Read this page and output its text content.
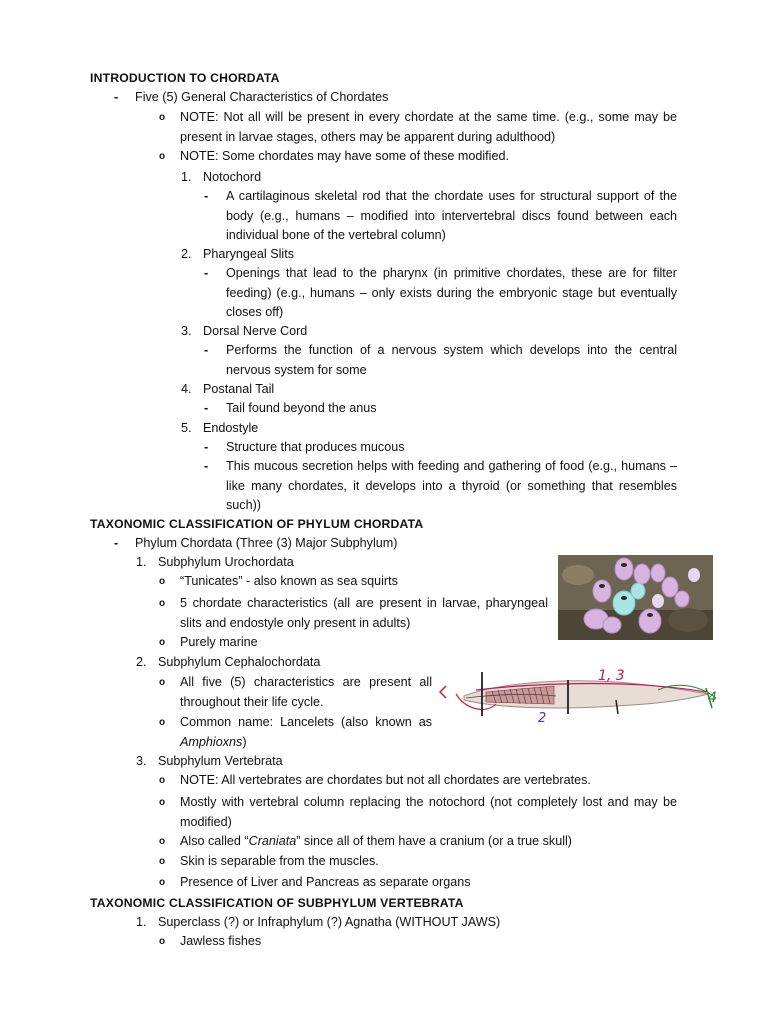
INTRODUCTION TO CHORDATA
- Five (5) General Characteristics of Chordates
o NOTE: Not all will be present in every chordate at the same time. (e.g., some may be present in larvae stages, others may be apparent during adulthood)
o NOTE: Some chordates may have some of these modified.
1. Notochord
- A cartilaginous skeletal rod that the chordate uses for structural support of the body (e.g., humans – modified into intervertebral discs found between each individual bone of the vertebral column)
2. Pharyngeal Slits
- Openings that lead to the pharynx (in primitive chordates, these are for filter feeding) (e.g., humans – only exists during the embryonic stage but eventually closes off)
3. Dorsal Nerve Cord
- Performs the function of a nervous system which develops into the central nervous system for some
4. Postanal Tail
- Tail found beyond the anus
5. Endostyle
- Structure that produces mucous
- This mucous secretion helps with feeding and gathering of food (e.g., humans – like many chordates, it develops into a thyroid (or something that resembles such))
TAXONOMIC CLASSIFICATION OF PHYLUM CHORDATA
- Phylum Chordata (Three (3) Major Subphylum)
1. Subphylum Urochordata
o “Tunicates” - also known as sea squirts
o 5 chordate characteristics (all are present in larvae, pharyngeal slits and endostyle only present in adults)
o Purely marine
2. Subphylum Cephalochordata
o All five (5) characteristics are present all throughout their life cycle.
o Common name: Lancelets (also known as Amphioxns)
1, 3
2
4
3. Subphylum Vertebrata
o NOTE: All vertebrates are chordates but not all chordates are vertebrates.
o Mostly with vertebral column replacing the notochord (not completely lost and may be modified)
o Also called “Craniata” since all of them have a cranium (or a true skull)
o Skin is separable from the muscles.
o Presence of Liver and Pancreas as separate organs
TAXONOMIC CLASSIFICATION OF SUBPHYLUM VERTEBRATA
1. Superclass (?) or Infraphylum (?) Agnatha (WITHOUT JAWS)
o Jawless fishes
